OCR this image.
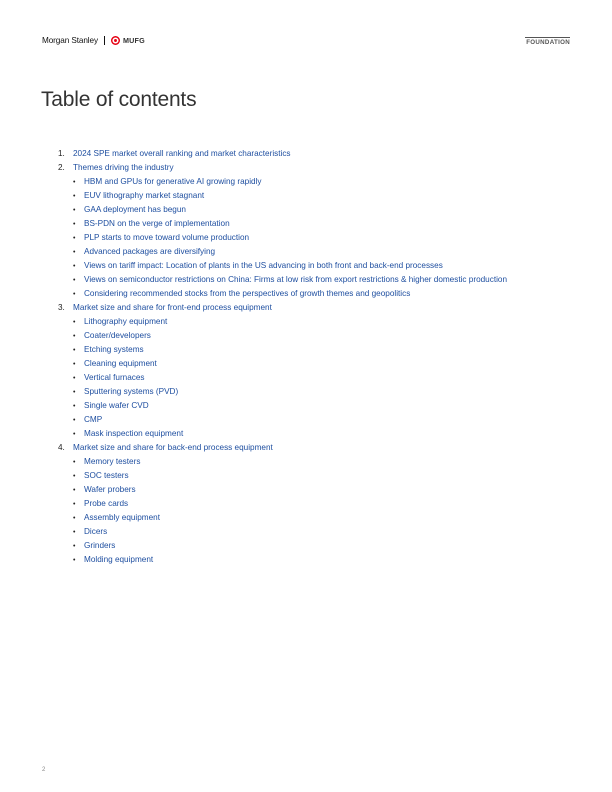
Morgan Stanley	MUFG	FOUNDATION
Table of contents
1. 2024 SPE market overall ranking and market characteristics
2. Themes driving the industry
•	HBM and GPUs for generative AI growing rapidly
•	EUV lithography market stagnant
•	GAA deployment has begun
•	BS-PDN on the verge of implementation
•	PLP starts to move toward volume production
•	Advanced packages are diversifying
•	Views on tariff impact: Location of plants in the US advancing in both front and back-end processes
•	Views on semiconductor restrictions on China: Firms at low risk from export restrictions & higher domestic production
•	Considering recommended stocks from the perspectives of growth themes and geopolitics
3. Market size and share for front-end process equipment
•	Lithography equipment
•	Coater/developers
•	Etching systems
•	Cleaning equipment
•	Vertical furnaces
•	Sputtering systems (PVD)
•	Single wafer CVD
•	CMP
•	Mask inspection equipment
4. Market size and share for back-end process equipment
•	Memory testers
•	SOC testers
•	Wafer probers
•	Probe cards
•	Assembly equipment
•	Dicers
•	Grinders
•	Molding equipment
2
